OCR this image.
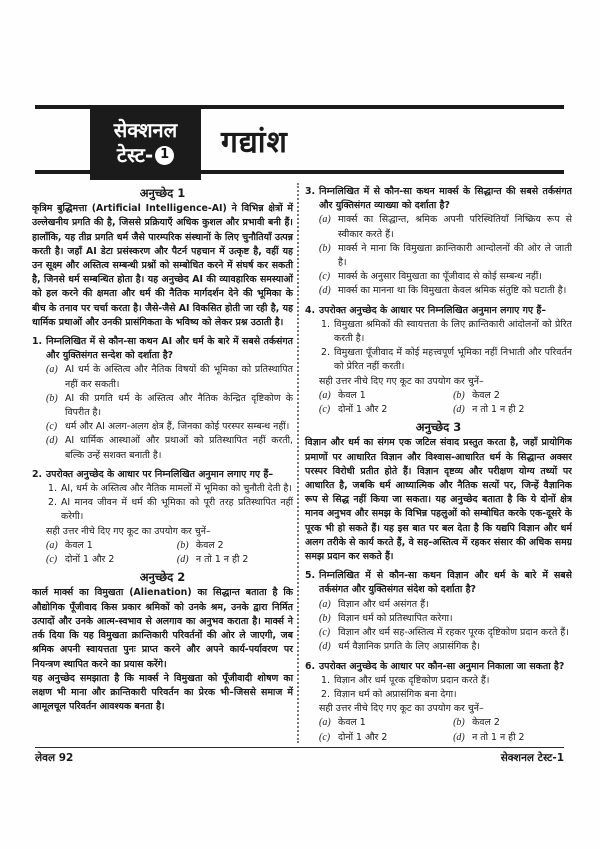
सेक्शनल
टेस्ट- 1 गद्यांश
अनुच्छेद 1
कृत्रिम बुद्धिमत्ता (Artificial Intelligence-AI) ने विभिन्न क्षेत्रों में उल्लेखनीय प्रगति की है, जिससे प्रक्रियाएँ अधिक कुशल और प्रभावी बनी हैं। हालाँकि, यह तीव्र प्रगति धर्म जैसे पारम्परिक संस्थानों के लिए चुनौतियाँ उत्पन्न करती है। जहाँ AI डेटा प्रसंस्करण और पैटर्न पहचान में उत्कृष्ट है, वहीं यह उन सूक्ष्म और अस्तित्व सम्बन्धी प्रश्नों को सम्बोधित करने में संघर्ष कर सकती है, जिनसे धर्म सम्बन्धित होता है। यह अनुच्छेद AI की व्यावहारिक समस्याओं को हल करने की क्षमता और धर्म की नैतिक मार्गदर्शन देने की भूमिका के बीच के तनाव पर चर्चा करता है। जैसे-जैसे AI विकसित होती जा रही है, यह धार्मिक प्रथाओं और उनकी प्रासंगिकता के भविष्य को लेकर प्रश्न उठाती है।
1. निम्नलिखित में से कौन-सा कथन AI और धर्म के बारे में सबसे तर्कसंगत और युक्तिसंगत सन्देश को दर्शाता है?
(a) AI धर्म के अस्तित्व और नैतिक विषयों की भूमिका को प्रतिस्थापित नहीं कर सकती।
(b) AI की प्रगति धर्म के अस्तित्व और नैतिक केन्द्रित दृष्टिकोण के विपरीत है।
(c) धर्म और AI अलग-अलग क्षेत्र हैं, जिनका कोई परस्पर सम्बन्ध नहीं।
(d) AI धार्मिक आस्थाओं और प्रथाओं को प्रतिस्थापित नहीं करती, बल्कि उन्हें सशक्त बनाती है।
2. उपरोक्त अनुच्छेद के आधार पर निम्नलिखित अनुमान लगाए गए हैं–
1. AI, धर्म के अस्तित्व और नैतिक मामलों में भूमिका को चुनौती देती है।
2. AI मानव जीवन में धर्म की भूमिका को पूरी तरह प्रतिस्थापित नहीं करेगी।
सही उत्तर नीचे दिए गए कूट का उपयोग कर चुनें–
(a) केवल 1	(b) केवल 2
(c) दोनों 1 और 2	(d) न तो 1 न ही 2
अनुच्छेद 2
कार्ल मार्क्स का विमुखता (Alienation) का सिद्धान्त बताता है कि औद्योगिक पूँजीवाद किस प्रकार श्रमिकों को उनके श्रम, उनके द्वारा निर्मित उत्पादों और उनके आत्म-स्वभाव से अलगाव का अनुभव कराता है। मार्क्स ने तर्क दिया कि यह विमुखता क्रान्तिकारी परिवर्तनों की ओर ले जाएगी, जब श्रमिक अपनी स्वायत्तता पुनः प्राप्त करने और अपने कार्य-पर्यावरण पर नियन्त्रण स्थापित करने का प्रयास करेंगे।
यह अनुच्छेद समझाता है कि मार्क्स ने विमुखता को पूँजीवादी शोषण का लक्षण भी माना और क्रान्तिकारी परिवर्तन का प्रेरक भी–जिससे समाज में आमूलचूल परिवर्तन आवश्यक बनता है।
3. निम्नलिखित में से कौन-सा कथन मार्क्स के सिद्धान्त की सबसे तर्कसंगत और युक्तिसंगत व्याख्या को दर्शाता है?
(a) मार्क्स का सिद्धान्त, श्रमिक अपनी परिस्थितियाँ निष्क्रिय रूप से स्वीकार करते हैं।
(b) मार्क्स ने माना कि विमुखता क्रान्तिकारी आन्दोलनों की ओर ले जाती है।
(c) मार्क्स के अनुसार विमुखता का पूँजीवाद से कोई सम्बन्ध नहीं।
(d) मार्क्स का मानना था कि विमुखता केवल श्रमिक संतुष्टि को घटाती है।
4. उपरोक्त अनुच्छेद के आधार पर निम्नलिखित अनुमान लगाए गए हैं–
1. विमुखता श्रमिकों की स्वायत्तता के लिए क्रान्तिकारी आंदोलनों को प्रेरित करती है।
2. विमुखता पूँजीवाद में कोई महत्त्वपूर्ण भूमिका नहीं निभाती और परिवर्तन को प्रेरित नहीं करती।
सही उत्तर नीचे दिए गए कूट का उपयोग कर चुनें–
(a) केवल 1	(b) केवल 2
(c) दोनों 1 और 2	(d) न तो 1 न ही 2
अनुच्छेद 3
विज्ञान और धर्म का संगम एक जटिल संवाद प्रस्तुत करता है, जहाँ प्रायोगिक प्रमाणों पर आधारित विज्ञान और विश्वास-आधारित धर्म के सिद्धान्त अक्सर परस्पर विरोधी प्रतीत होते हैं। विज्ञान दृष्टव्य और परीक्षण योग्य तथ्यों पर आधारित है, जबकि धर्म आध्यात्मिक और नैतिक सत्यों पर, जिन्हें वैज्ञानिक रूप से सिद्ध नहीं किया जा सकता। यह अनुच्छेद बताता है कि ये दोनों क्षेत्र मानव अनुभव और समझ के विभिन्न पहलुओं को सम्बोधित करके एक-दूसरे के पूरक भी हो सकते हैं। यह इस बात पर बल देता है कि यद्यपि विज्ञान और धर्म अलग तरीके से कार्य करते हैं, वे सह-अस्तित्व में रहकर संसार की अधिक समग्र समझ प्रदान कर सकते हैं।
5. निम्नलिखित में से कौन-सा कथन विज्ञान और धर्म के बारे में सबसे तर्कसंगत और युक्तिसंगत संदेश को दर्शाता है?
(a) विज्ञान और धर्म असंगत हैं।
(b) विज्ञान धर्म को प्रतिस्थापित करेगा।
(c) विज्ञान और धर्म सह-अस्तित्व में रहकर पूरक दृष्टिकोण प्रदान करते हैं।
(d) धर्म वैज्ञानिक प्रगति के लिए अप्रासंगिक है।
6. उपरोक्त अनुच्छेद के आधार पर कौन-सा अनुमान निकाला जा सकता है?
1. विज्ञान और धर्म पूरक दृष्टिकोण प्रदान करते हैं।
2. विज्ञान धर्म को अप्रासंगिक बना देगा।
सही उत्तर नीचे दिए गए कूट का उपयोग कर चुनें–
(a) केवल 1	(b) केवल 2
(c) दोनों 1 और 2	(d) न तो 1 न ही 2
लेवल 92	सेक्शनल टेस्ट-1
